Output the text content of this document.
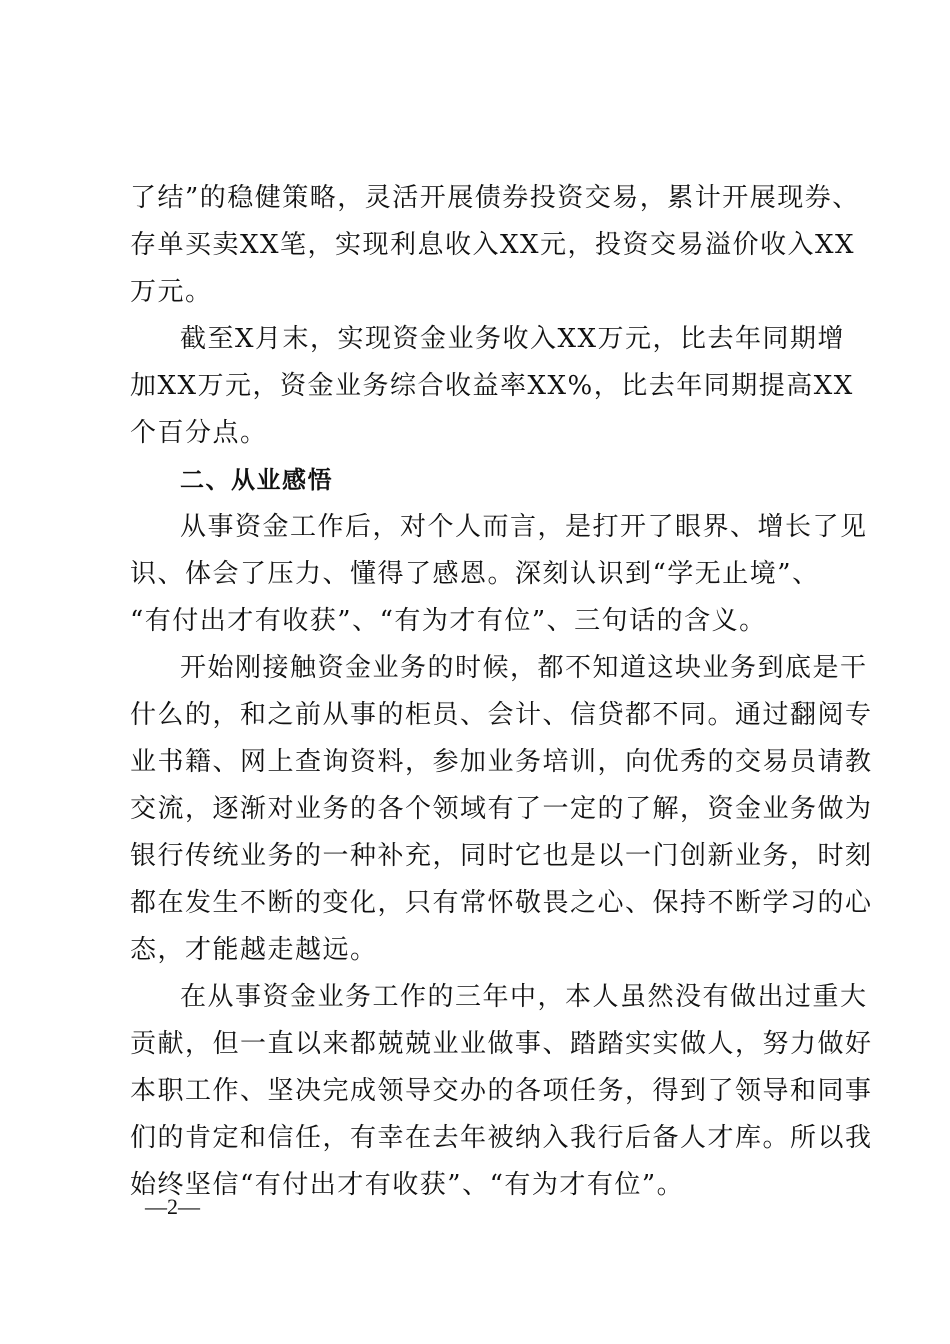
了结”的稳健策略，灵活开展债券投资交易，累计开展现券、
存单买卖XX笔，实现利息收入XX元，投资交易溢价收入XX
万元。
截至X月末，实现资金业务收入XX万元，比去年同期增
加XX万元，资金业务综合收益率XX%，比去年同期提高XX
个百分点。
二、从业感悟
从事资金工作后，对个人而言，是打开了眼界、增长了见
识、体会了压力、懂得了感恩。深刻认识到“学无止境”、
“有付出才有收获”、“有为才有位”、三句话的含义。
开始刚接触资金业务的时候，都不知道这块业务到底是干
什么的，和之前从事的柜员、会计、信贷都不同。通过翻阅专
业书籍、网上查询资料，参加业务培训，向优秀的交易员请教
交流，逐渐对业务的各个领域有了一定的了解，资金业务做为
银行传统业务的一种补充，同时它也是以一门创新业务，时刻
都在发生不断的变化，只有常怀敬畏之心、保持不断学习的心
态，才能越走越远。
在从事资金业务工作的三年中，本人虽然没有做出过重大
贡献，但一直以来都兢兢业业做事、踏踏实实做人，努力做好
本职工作、坚决完成领导交办的各项任务，得到了领导和同事
们的肯定和信任，有幸在去年被纳入我行后备人才库。所以我
始终坚信“有付出才有收获”、“有为才有位”。
—2—
